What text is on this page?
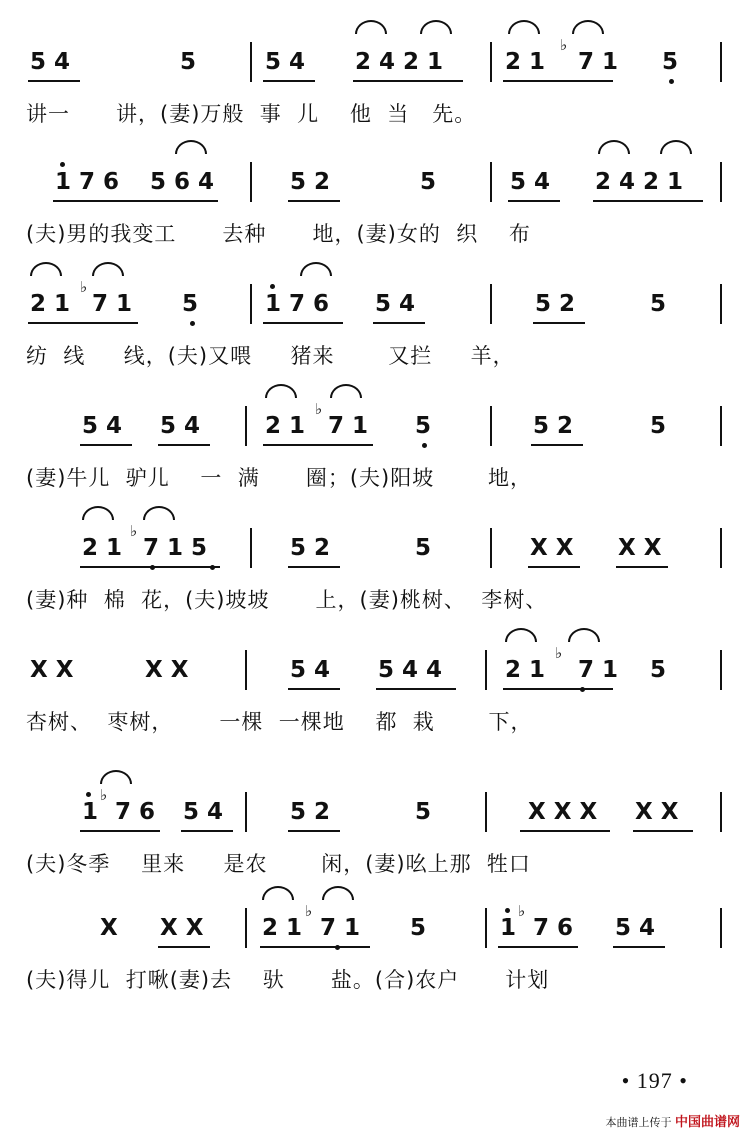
5 4	5	5 4 2 4 2 1	2 1 7 1 5
♭
讲一      讲，(妻)万般  事  儿    他  当   先。
1 7 6 5 6 4	5 2	5	5 4 2 4 2 1
(夫)男的我变工      去种      地，(妻)女的  织    布
2 1 7 1 5	1 7 6 5 4	5 2	5
♭
纺  线     线，(夫)又喂     猪来       又拦     羊，
5 4 5 4	2 1 7 1 5	5 2	5
♭
(妻)牛儿  驴儿    一  满      圈；(夫)阳坡       地，
2 1 7 1 5	5 2	5	X X X X
♭
(妻)种  棉  花，(夫)坡坡      上，(妻)桃树、  李树、
X X	X X	5 4 5 4 4	2 1 7 1 5
♭
杏树、  枣树，      一棵  一棵地    都  栽       下，
1 7 6 5 4	5 2	5	X X X X X
♭
(夫)冬季    里来     是农       闲，(妻)吆上那  牲口
X X X	2 1 7 1 5	1 7 6 5 4
♭	♭
(夫)得儿  打啾(妻)去    驮      盐。(合)农户      计划
• 197 •
本曲谱上传于 中国曲谱网
